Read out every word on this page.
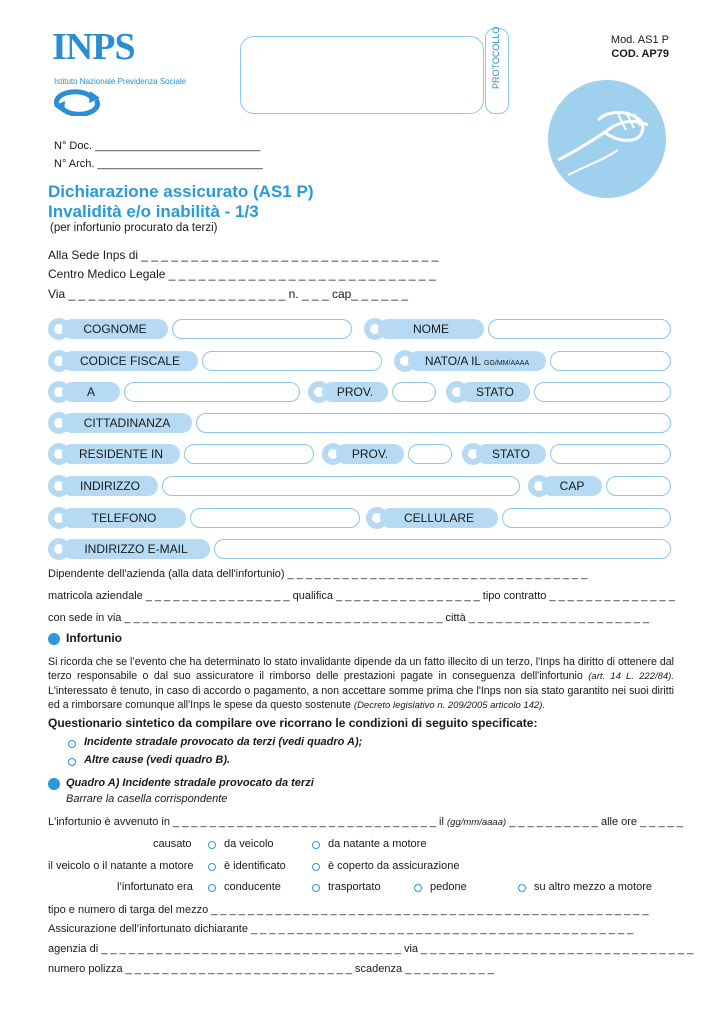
INPS
Istituto Nazionale Previdenza Sociale	PROTOCOLLO	Mod. AS1 P
COD. AP79
N° Doc. ___________________________
N° Arch. ___________________________
Dichiarazione assicurato (AS1 P)
Invalidità e/o inabilità - 1/3
(per infortunio procurato da terzi)
Alla Sede Inps di _ _ _ _ _ _ _ _ _ _ _ _ _ _ _ _ _ _ _ _ _ _ _ _ _ _ _ _ _ _
Centro Medico Legale _ _ _ _ _ _ _ _ _ _ _ _ _ _ _ _ _ _ _ _ _ _ _ _ _ _ _
Via _ _ _ _ _ _ _ _ _ _ _ _ _ _ _ _ _ _ _ _ _ _ n. _ _ _ cap_ _ _ _ _ _
COGNOME	NOME
CODICE FISCALE	NATO/A IL GG/MM/AAAA
A	PROV.	STATO
CITTADINANZA
RESIDENTE IN	PROV.	STATO
INDIRIZZO	CAP
TELEFONO	CELLULARE
INDIRIZZO E-MAIL
Dipendente dell'azienda (alla data dell'infortunio) _ _ _ _ _ _ _ _ _ _ _ _ _ _ _ _ _ _ _ _ _ _ _ _ _ _ _ _ _ _ _ _ _
matricola aziendale _ _ _ _ _ _ _ _ _ _ _ _ _ _ _ _ qualifica _ _ _ _ _ _ _ _ _ _ _ _ _ _ _ _ tipo contratto _ _ _ _ _ _ _ _ _ _ _ _ _ _
con sede in via _ _ _ _ _ _ _ _ _ _ _ _ _ _ _ _ _ _ _ _ _ _ _ _ _ _ _ _ _ _ _ _ _ _ _ città _ _ _ _ _ _ _ _ _ _ _ _ _ _ _ _ _ _ _ _
Infortunio
Si ricorda che se l’evento che ha determinato lo stato invalidante dipende da un fatto illecito di un terzo, l'Inps ha diritto di ottenere dal terzo responsabile o dal suo assicuratore il rimborso delle prestazioni pagate in conseguenza dell'infortunio (art. 14 L. 222/84). L'interessato è tenuto, in caso di accordo o pagamento, a non accettare somme prima che l'Inps non sia stato garantito nei suoi diritti ed a rimborsare comunque all'Inps le spese da questo sostenute (Decreto legislativo n. 209/2005 articolo 142).
Questionario sintetico da compilare ove ricorrano le condizioni di seguito specificate:
Incidente stradale provocato da terzi (vedi quadro A);
Altre cause (vedi quadro B).
Quadro A) Incidente stradale provocato da terzi
Barrare la casella corrispondente
L'infortunio è avvenuto in _ _ _ _ _ _ _ _ _ _ _ _ _ _ _ _ _ _ _ _ _ _ _ _ _ _ _ _ _ il (gg/mm/aaaa) _ _ _ _ _ _ _ _ _ _ alle ore _ _ _ _ _
causato	da veicolo	da natante a motore
il veicolo o il natante a motore	è identificato	è coperto da assicurazione
l’infortunato era	conducente	trasportato	pedone	su altro mezzo a motore
tipo e numero di targa del mezzo _ _ _ _ _ _ _ _ _ _ _ _ _ _ _ _ _ _ _ _ _ _ _ _ _ _ _ _ _ _ _ _ _ _ _ _ _ _ _ _ _ _ _ _ _ _ _ _
Assicurazione dell’infortunato dichiarante _ _ _ _ _ _ _ _ _ _ _ _ _ _ _ _ _ _ _ _ _ _ _ _ _ _ _ _ _ _ _ _ _ _ _ _ _ _ _ _ _ _
agenzia di _ _ _ _ _ _ _ _ _ _ _ _ _ _ _ _ _ _ _ _ _ _ _ _ _ _ _ _ _ _ _ _ _ via _ _ _ _ _ _ _ _ _ _ _ _ _ _ _ _ _ _ _ _ _ _ _ _ _ _ _ _ _ _
numero polizza _ _ _ _ _ _ _ _ _ _ _ _ _ _ _ _ _ _ _ _ _ _ _ _ _ scadenza _ _ _ _ _ _ _ _ _ _
